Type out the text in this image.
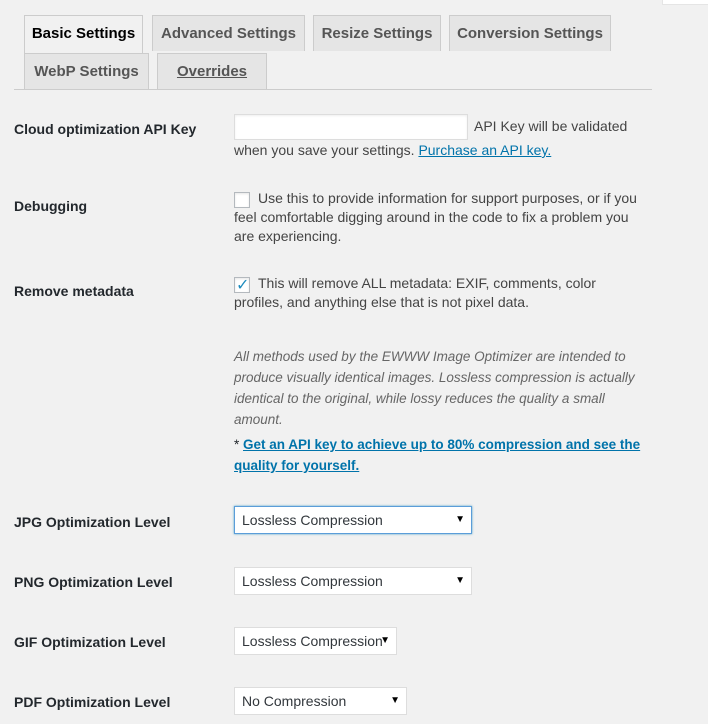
Basic Settings	Advanced Settings	Resize Settings	Conversion Settings
WebP Settings	Overrides
Cloud optimization API Key	API Key will be validated
when you save your settings. Purchase an API key.
Debugging	Use this to provide information for support purposes, or if you feel comfortable digging around in the code to fix a problem you are experiencing.
Remove metadata	✓ This will remove ALL metadata: EXIF, comments, color profiles, and anything else that is not pixel data.
All methods used by the EWWW Image Optimizer are intended to produce visually identical images. Lossless compression is actually identical to the original, while lossy reduces the quality a small amount.
* Get an API key to achieve up to 80% compression and see the quality for yourself.
JPG Optimization Level	Lossless Compression	▼
PNG Optimization Level	Lossless Compression	▼
GIF Optimization Level	Lossless Compression
▼
PDF Optimization Level	No Compression	▼
